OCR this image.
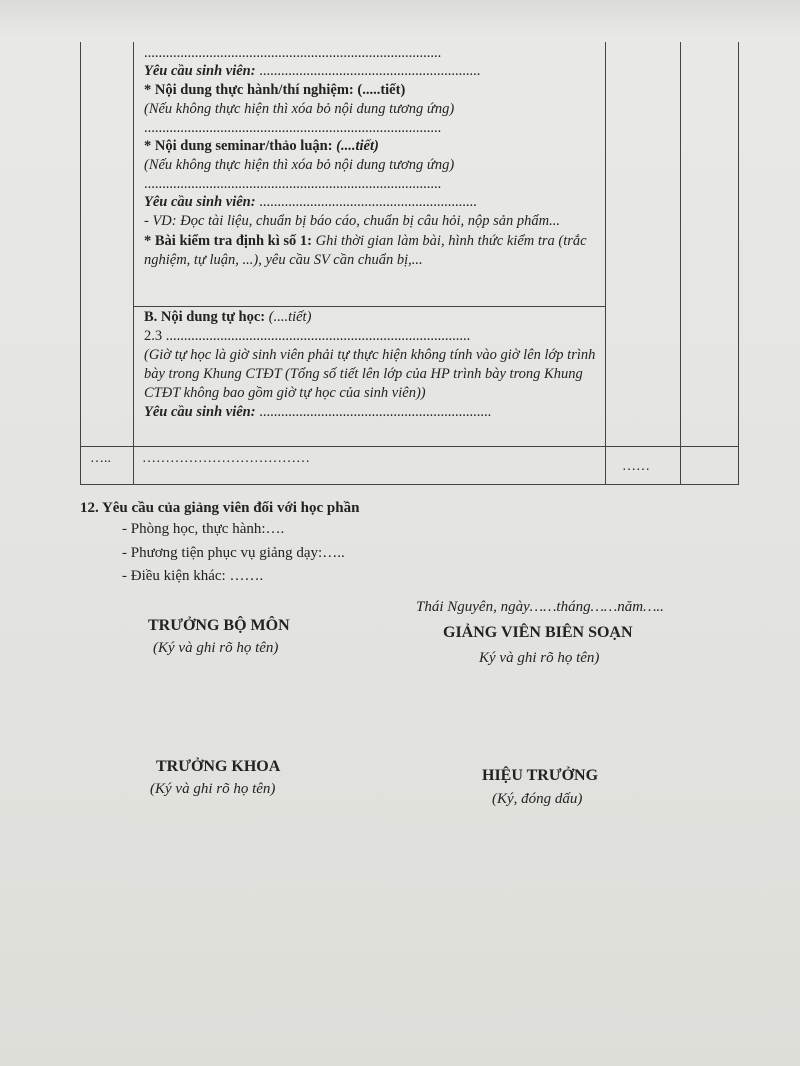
..................................................................................
Yêu cầu sinh viên: .............................................................
* Nội dung thực hành/thí nghiệm: (.....tiết)
(Nếu không thực hiện thì xóa bỏ nội dung tương ứng)
..................................................................................
* Nội dung seminar/thảo luận: (....tiết)
(Nếu không thực hiện thì xóa bỏ nội dung tương ứng)
..................................................................................
Yêu cầu sinh viên: ............................................................
- VD: Đọc tài liệu, chuẩn bị báo cáo, chuẩn bị câu hỏi, nộp sản phẩm...
* Bài kiểm tra định kì số 1: Ghi thời gian làm bài, hình thức kiểm tra (trắc nghiệm, tự luận, ...), yêu cầu SV cần chuẩn bị,...
B. Nội dung tự học: (....tiết)
2.3 ....................................................................................
(Giờ tự học là giờ sinh viên phải tự thực hiện không tính vào giờ lên lớp trình bày trong Khung CTĐT (Tổng số tiết lên lớp của HP trình bày trong Khung CTĐT không bao gồm giờ tự học của sinh viên))
Yêu cầu sinh viên: ................................................................
….. ………………………………
……
12. Yêu cầu của giảng viên đối với học phần
- Phòng học, thực hành:….
- Phương tiện phục vụ giảng dạy:…..
- Điều kiện khác: …….
Thái Nguyên, ngày……tháng……năm…..
TRƯỞNG BỘ MÔN
(Ký và ghi rõ họ tên)
GIẢNG VIÊN BIÊN SOẠN
Ký và ghi rõ họ tên)
TRƯỞNG KHOA
(Ký và ghi rõ họ tên)
HIỆU TRƯỞNG
(Ký, đóng dấu)
